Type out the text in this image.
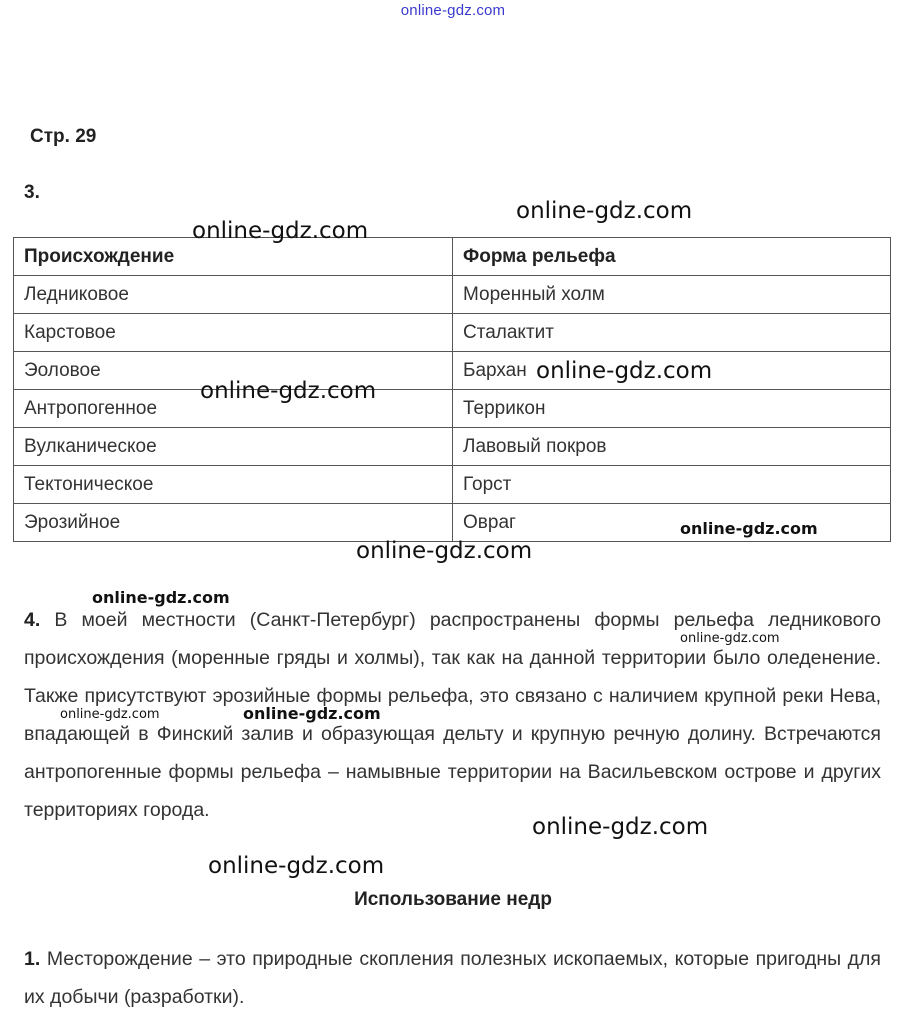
online-gdz.com
Стр. 29
3.
Происхождение	Форма рельефа
Ледниковое	Моренный холм
Карстовое	Сталактит
Эоловое	Бархан
Антропогенное	Террикон
Вулканическое	Лавовый покров
Тектоническое	Горст
Эрозийное	Овраг
4. В моей местности (Санкт-Петербург) распространены формы рельефа ледникового происхождения (моренные гряды и холмы), так как на данной территории было оледенение. Также присутствуют эрозийные формы рельефа, это связано с наличием крупной реки Нева, впадающей в Финский залив и образующая дельту и крупную речную долину. Встречаются антропогенные формы рельефа – намывные территории на Васильевском острове и других территориях города.
Использование недр
1. Месторождение – это природные скопления полезных ископаемых, которые пригодны для их добычи (разработки).
online-gdz.com
online-gdz.com
online-gdz.com
online-gdz.com
online-gdz.com
online-gdz.com
online-gdz.com
online-gdz.com
online-gdz.com	online-gdz.com
online-gdz.com
online-gdz.com
